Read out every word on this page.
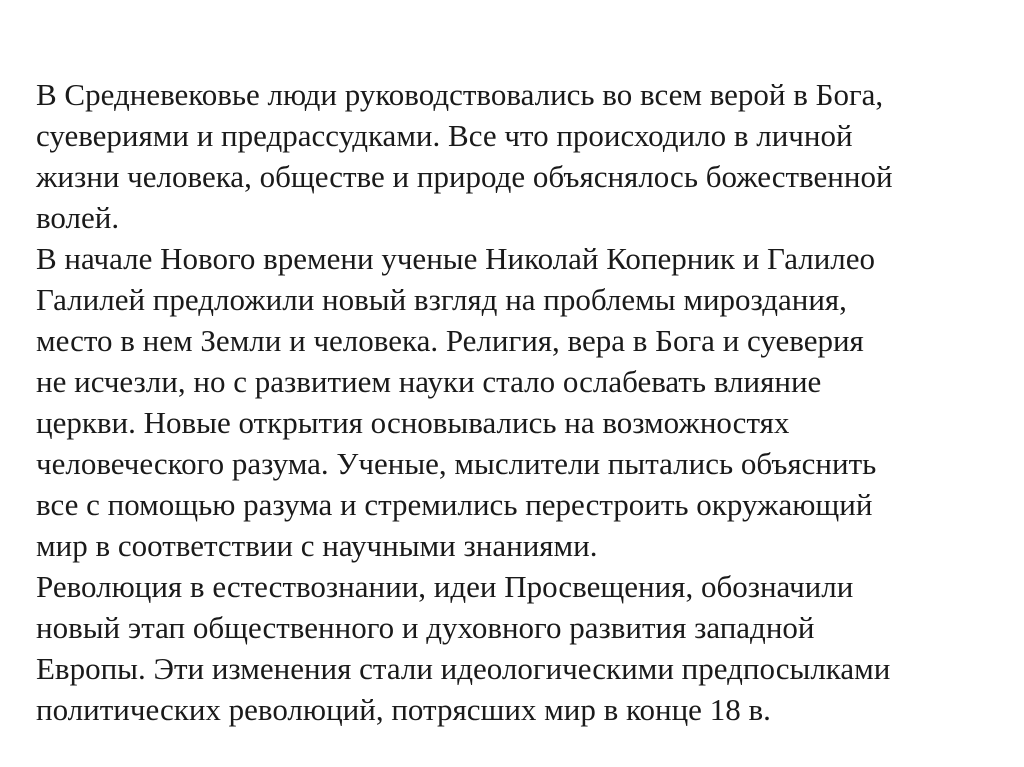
В Средневековье люди руководствовались во всем верой в Бога,
суевериями и предрассудками. Все что происходило в личной
жизни человека, обществе и природе объяснялось божественной
волей.
В начале Нового времени ученые Николай Коперник и Галилео
Галилей предложили новый взгляд на проблемы мироздания,
место в нем Земли и человека. Религия, вера в Бога и суеверия
не исчезли, но с развитием науки стало ослабевать влияние
церкви. Новые открытия основывались на возможностях
человеческого разума. Ученые, мыслители пытались объяснить
все с помощью разума и стремились перестроить окружающий
мир в соответствии с научными знаниями.
Революция в естествознании, идеи Просвещения, обозначили
новый этап общественного и духовного развития западной
Европы. Эти изменения стали идеологическими предпосылками
политических революций, потрясших мир в конце 18 в.
